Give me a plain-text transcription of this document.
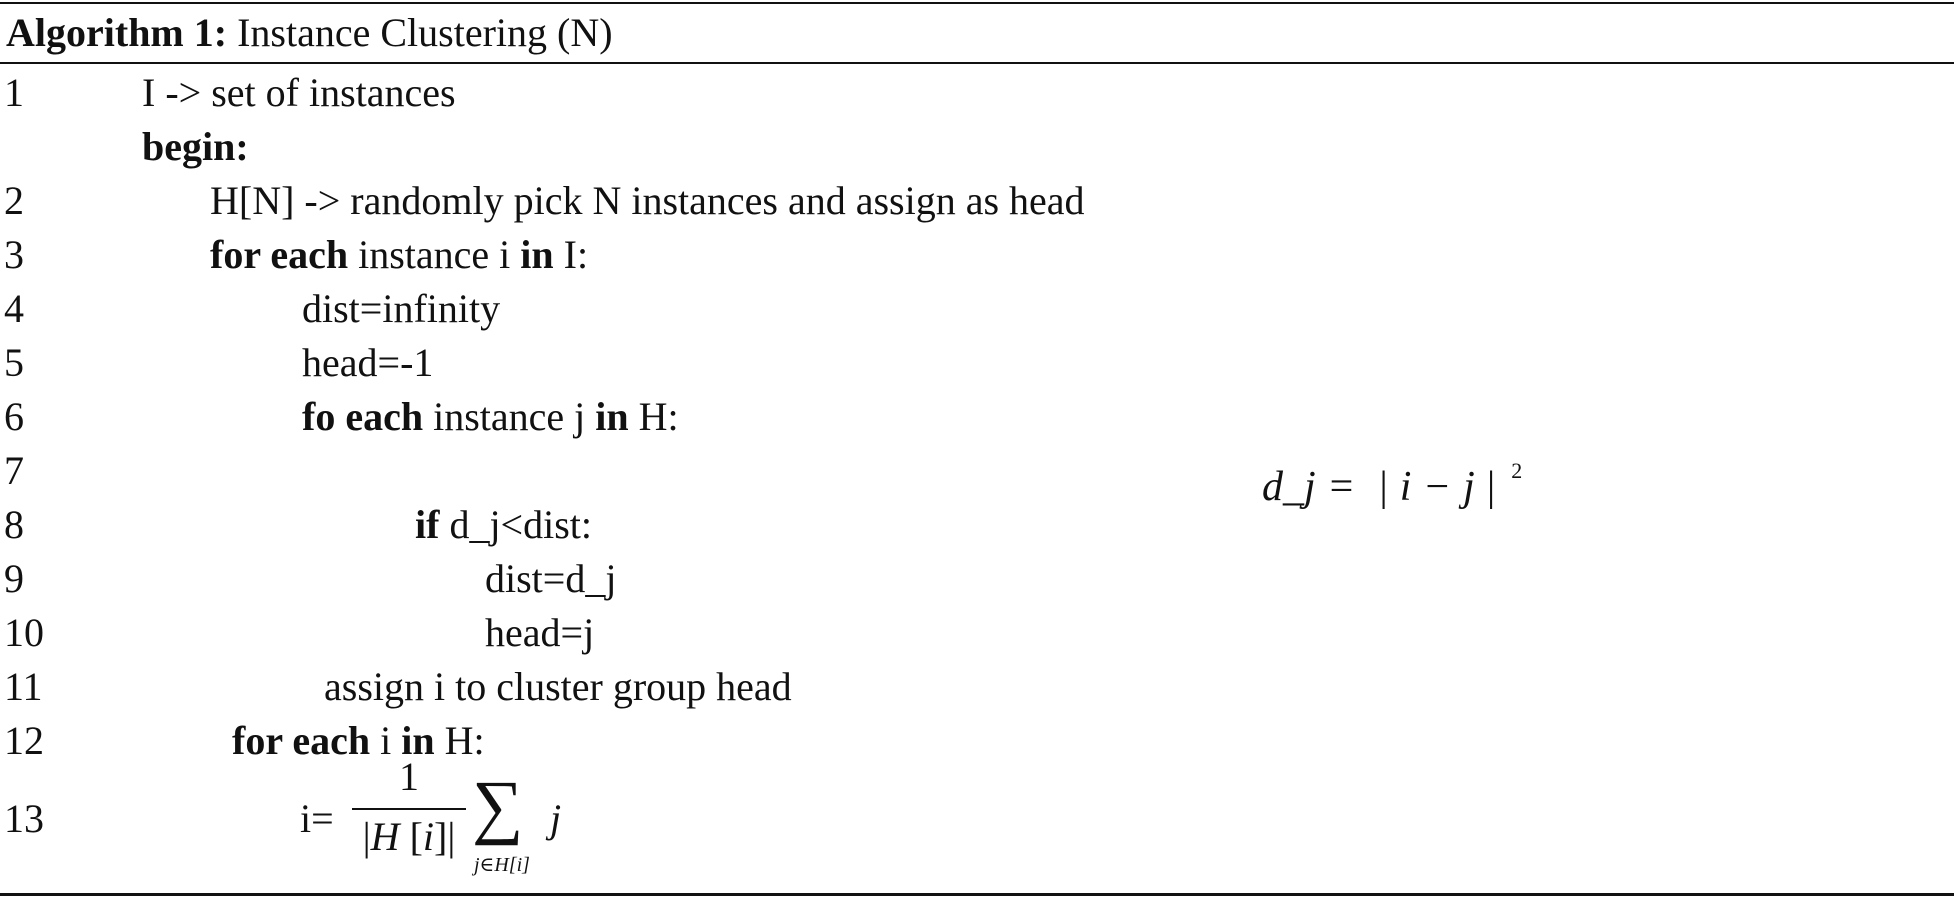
Algorithm 1: Instance Clustering (N)
1	I -> set of instances
begin:
2	H[N] -> randomly pick N instances and assign as head
3	for each instance i in I:
4	dist=infinity
5	head=-1
6	fo each instance j in H:
7	d_j = | i − j | $^2$
8	if d_j<dist:
9	dist=d_j
10	head=j
11	assign i to cluster group head
12	for each i in H:
13	i=
1
|H [i]| ∑
j∈H[i]
j
